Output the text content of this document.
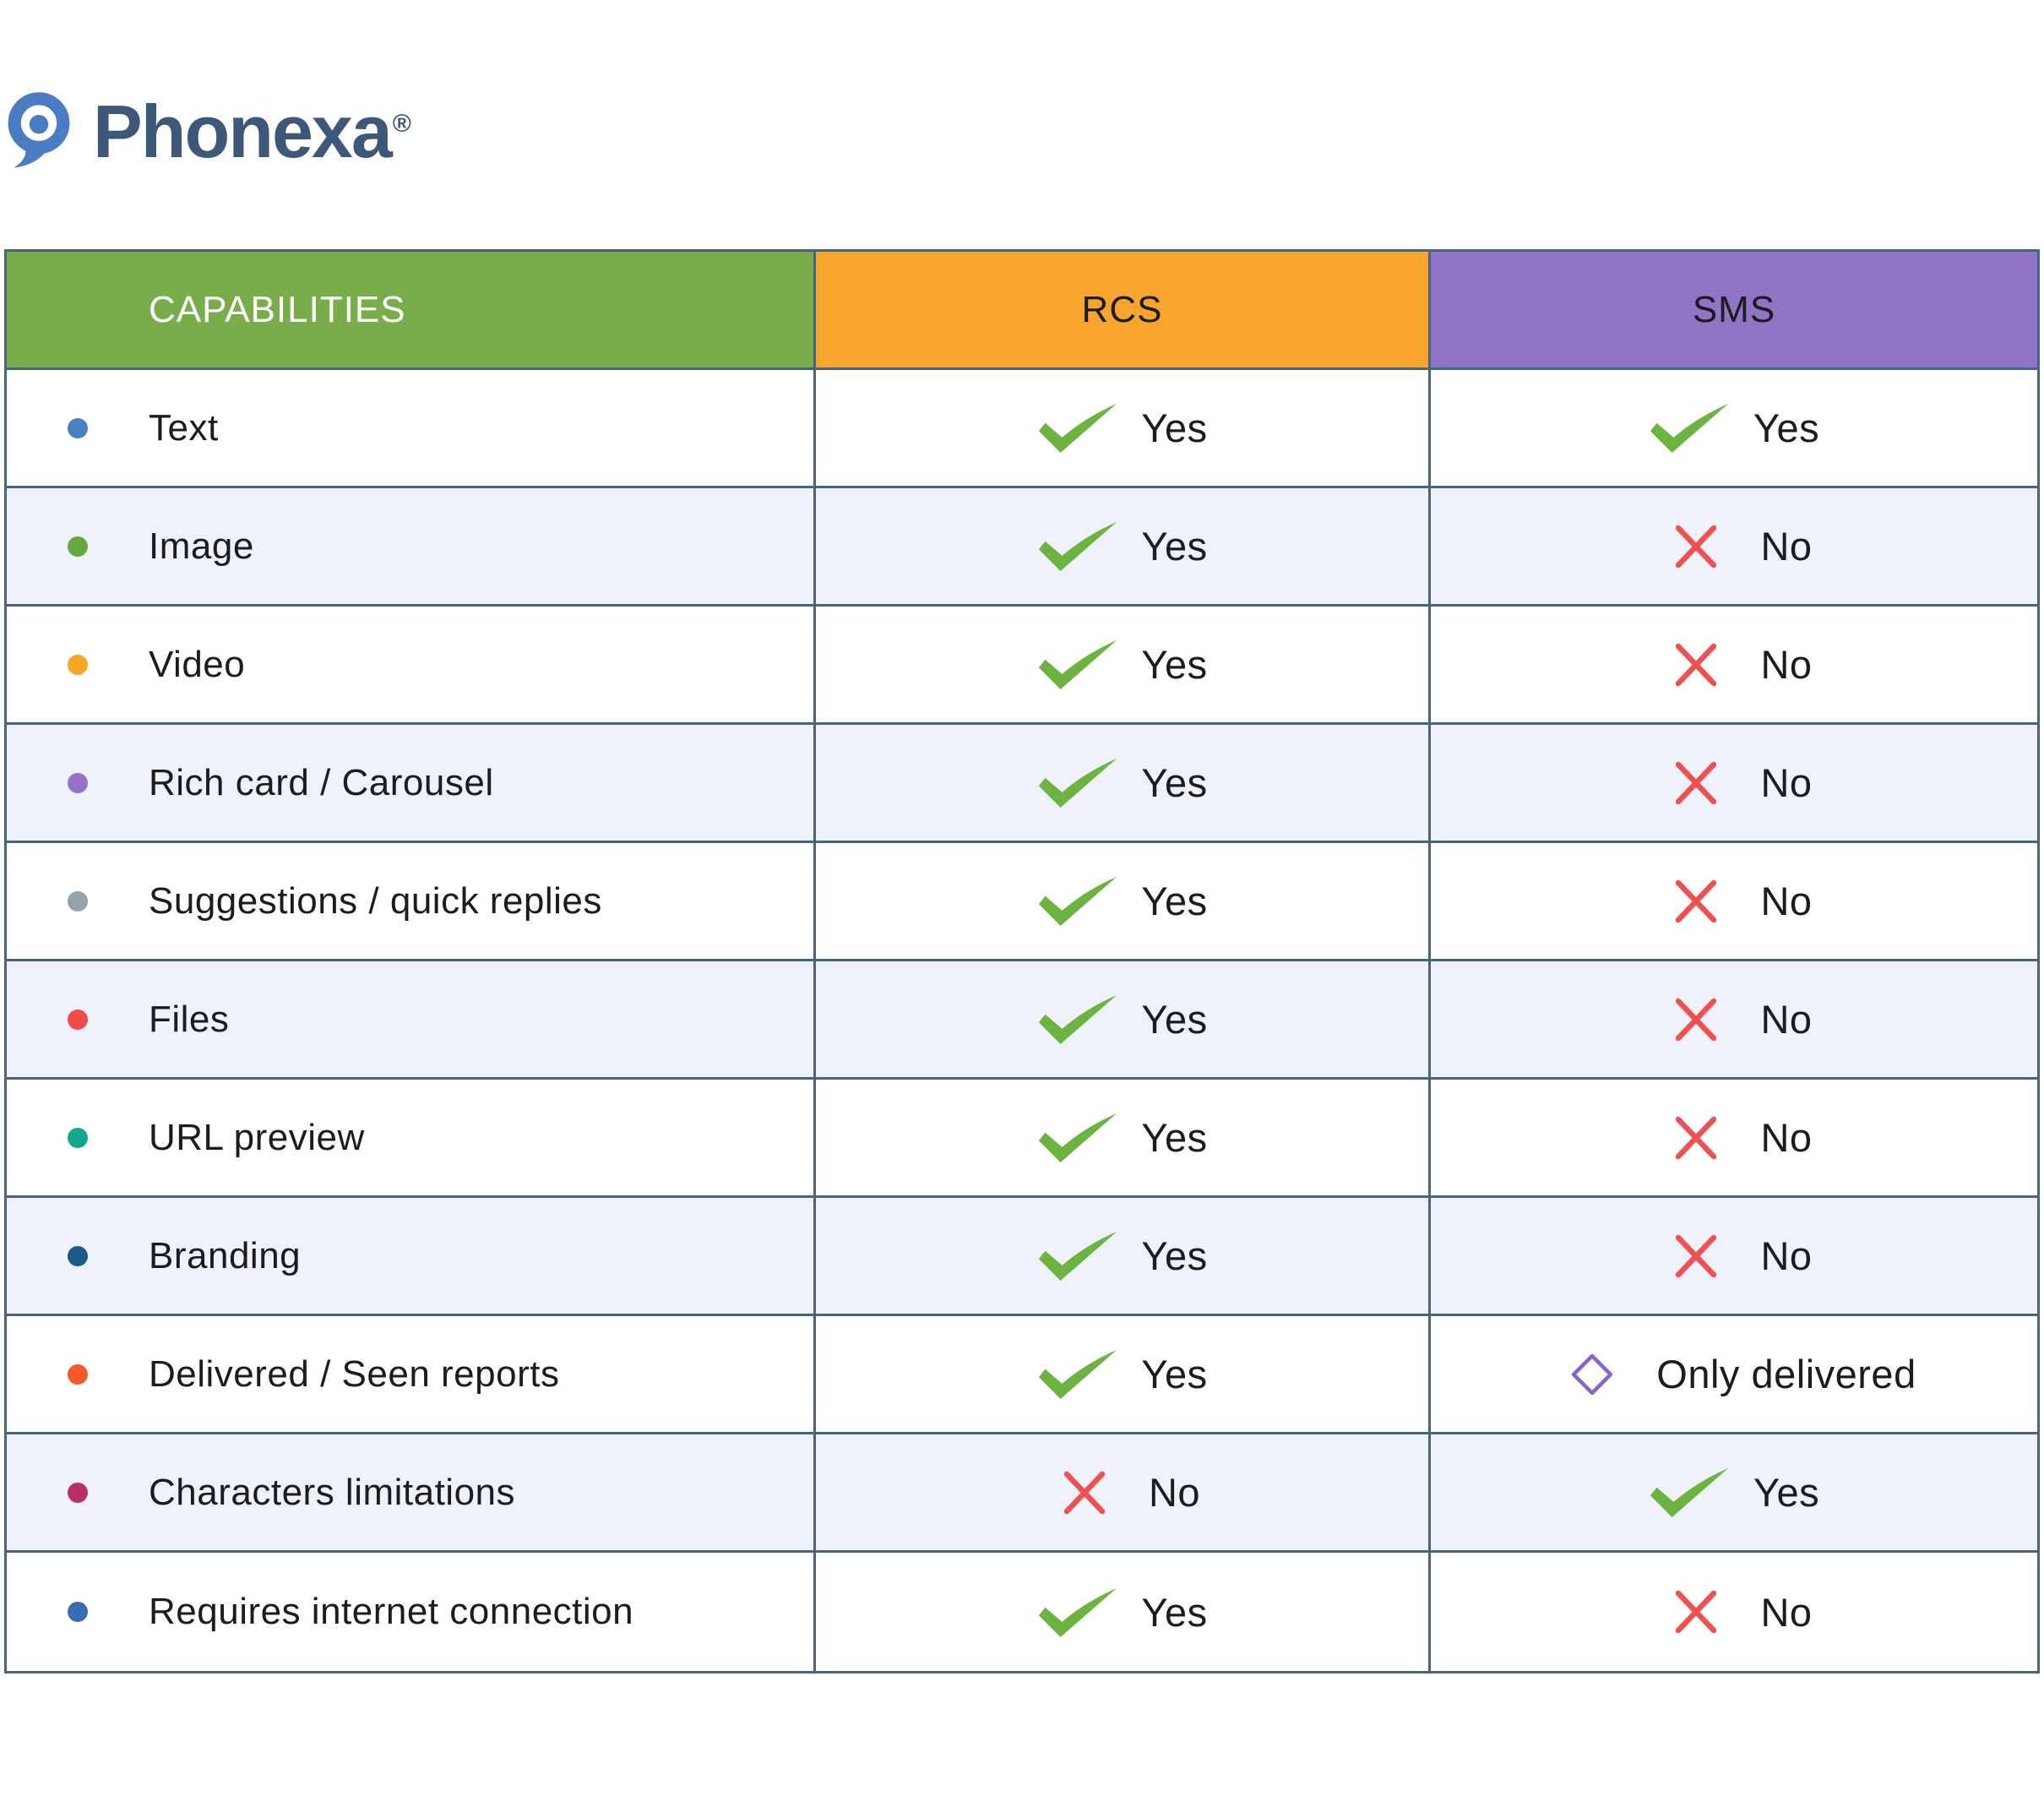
Phonexa®
CAPABILITIES	RCS	SMS
Text	Yes	Yes
Image	Yes	No
Video	Yes	No
Rich card / Carousel	Yes	No
Suggestions / quick replies	Yes	No
Files	Yes	No
URL preview	Yes	No
Branding	Yes	No
Delivered / Seen reports	Yes	Only delivered
Characters limitations	No	Yes
Requires internet connection	Yes	No
